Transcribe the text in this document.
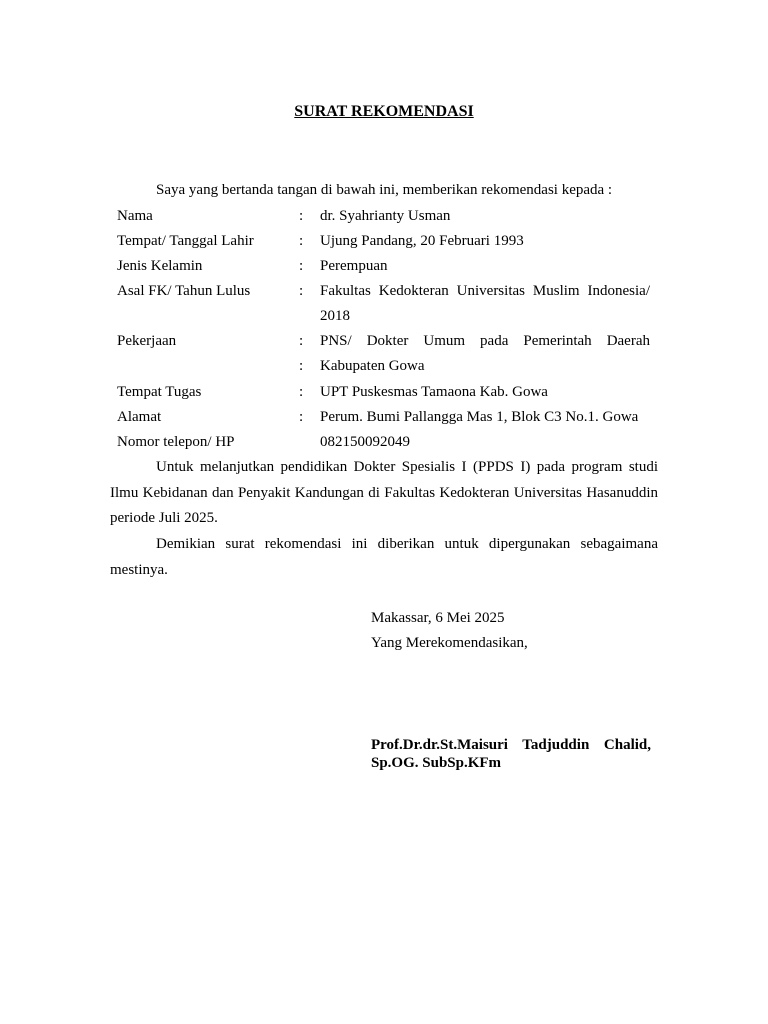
SURAT REKOMENDASI
Saya yang bertanda tangan di bawah ini, memberikan rekomendasi kepada :
Nama	: dr. Syahrianty Usman
Tempat/ Tanggal Lahir	: Ujung Pandang, 20 Februari 1993
Jenis Kelamin	: Perempuan
Asal FK/ Tahun Lulus	: Fakultas Kedokteran Universitas Muslim Indonesia/
2018
Pekerjaan	: PNS/ Dokter Umum pada Pemerintah Daerah
: Kabupaten Gowa
Tempat Tugas	: UPT Puskesmas Tamaona Kab. Gowa
Alamat	: Perum. Bumi Pallangga Mas 1, Blok C3 No.1. Gowa
Nomor telepon/ HP	082150092049
Untuk melanjutkan pendidikan Dokter Spesialis I (PPDS I) pada program studi Ilmu Kebidanan dan Penyakit Kandungan di Fakultas Kedokteran Universitas Hasanuddin periode Juli 2025.
Demikian surat rekomendasi ini diberikan untuk dipergunakan sebagaimana mestinya.
Makassar, 6 Mei 2025
Yang Merekomendasikan,
Prof.Dr.dr.St.Maisuri Tadjuddin Chalid,
Sp.OG. SubSp.KFm
